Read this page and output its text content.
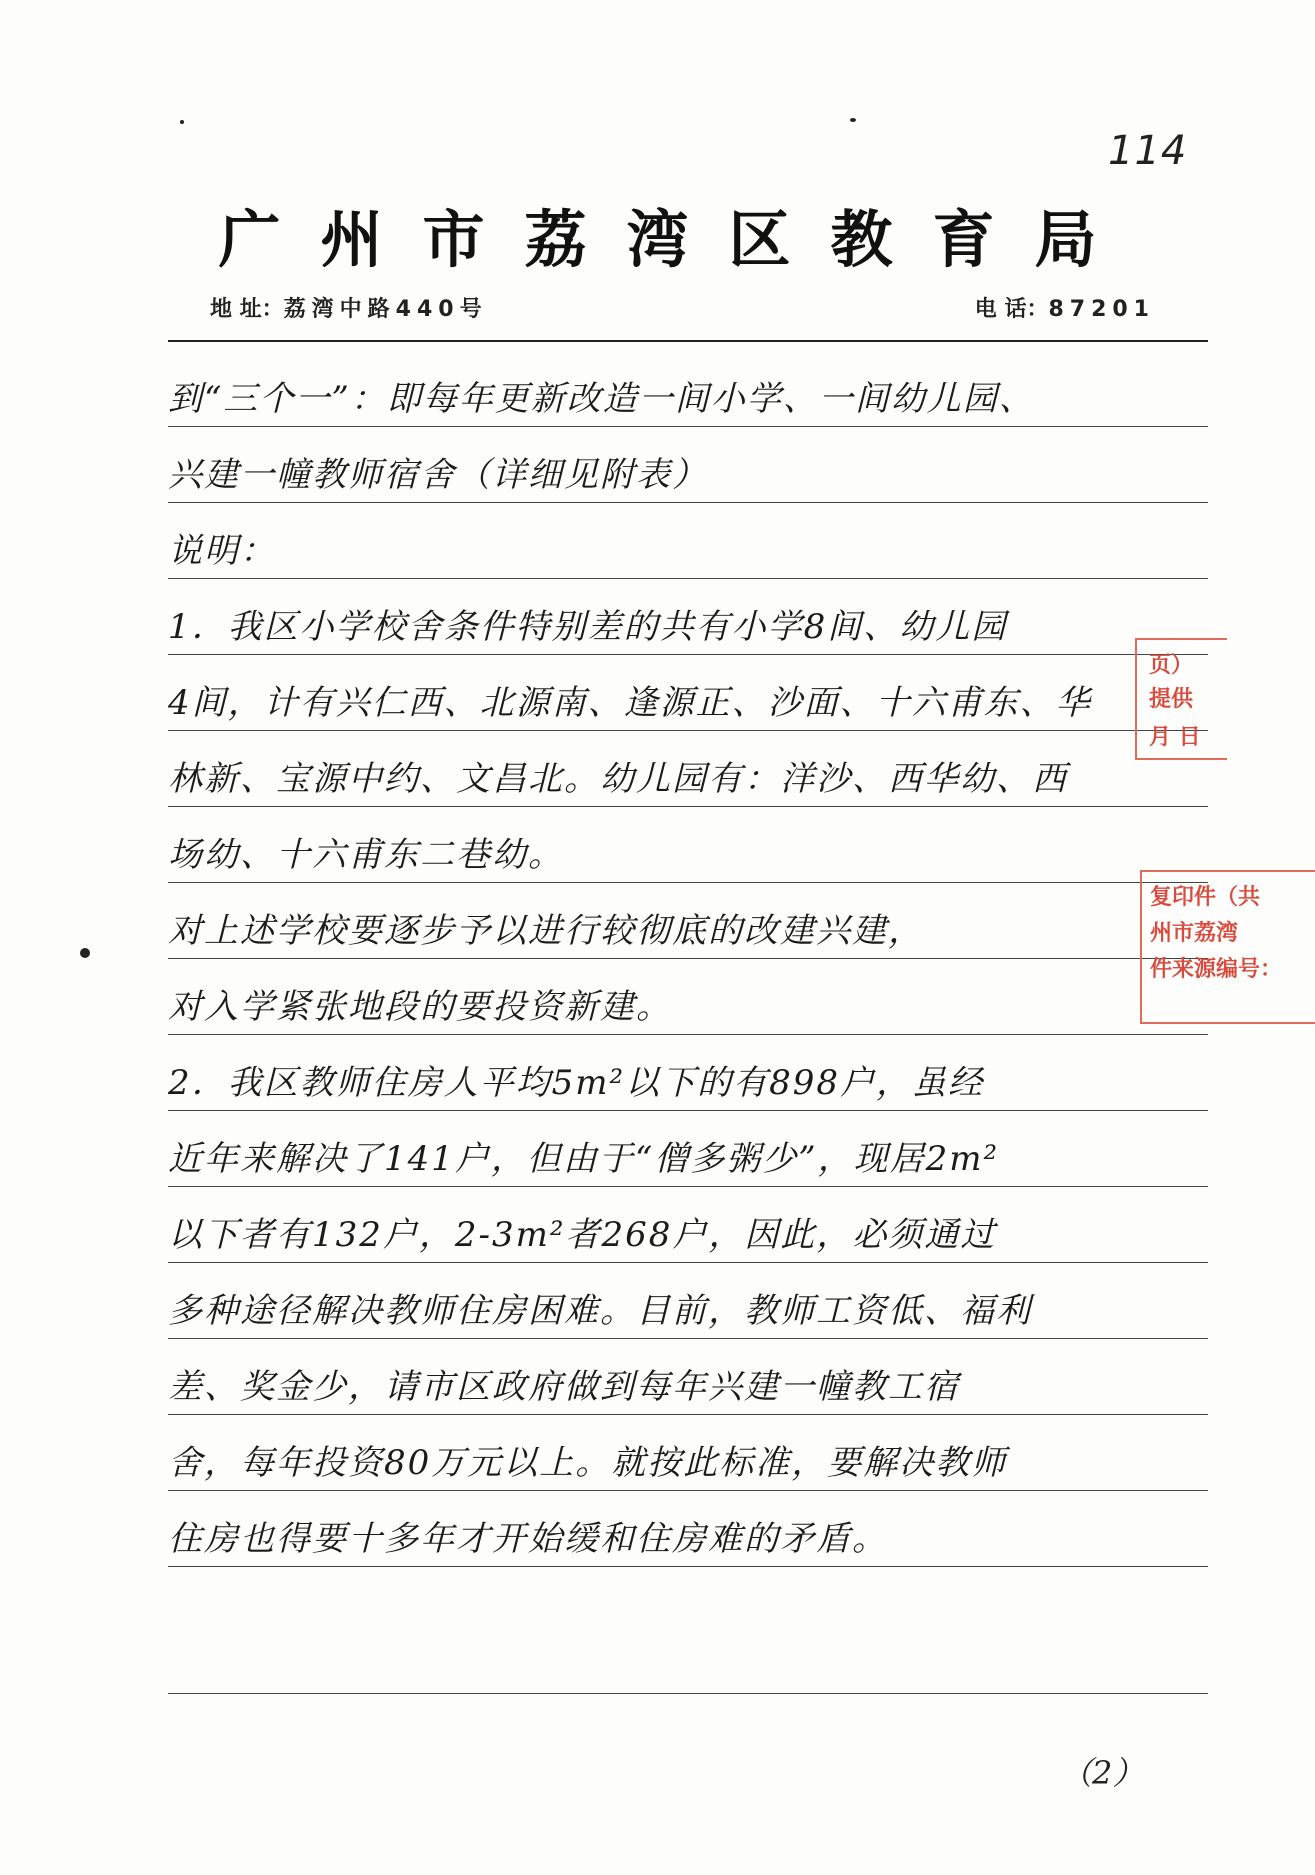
114
广州市荔湾区教育局
地 址：荔湾中路440号	电 话：87201
到“三个一”：即每年更新改造一间小学、一间幼儿园、
兴建一幢教师宿舍（详细见附表）
说明：
1．我区小学校舍条件特别差的共有小学8间、幼儿园
4间，计有兴仁西、北源南、逢源正、沙面、十六甫东、华
林新、宝源中约、文昌北。幼儿园有：洋沙、西华幼、西
场幼、十六甫东二巷幼。
对上述学校要逐步予以进行较彻底的改建兴建，
对入学紧张地段的要投资新建。
2．我区教师住房人平均5m²以下的有898户，虽经
近年来解决了141户，但由于“僧多粥少”，现居2m²
以下者有132户，2-3m²者268户，因此，必须通过
多种途径解决教师住房困难。目前，教师工资低、福利
差、奖金少，请市区政府做到每年兴建一幢教工宿
舍，每年投资80万元以上。就按此标准，要解决教师
住房也得要十多年才开始缓和住房难的矛盾。
页）
提供
月 日
复印件（共
州市荔湾
件来源编号：
（2）
